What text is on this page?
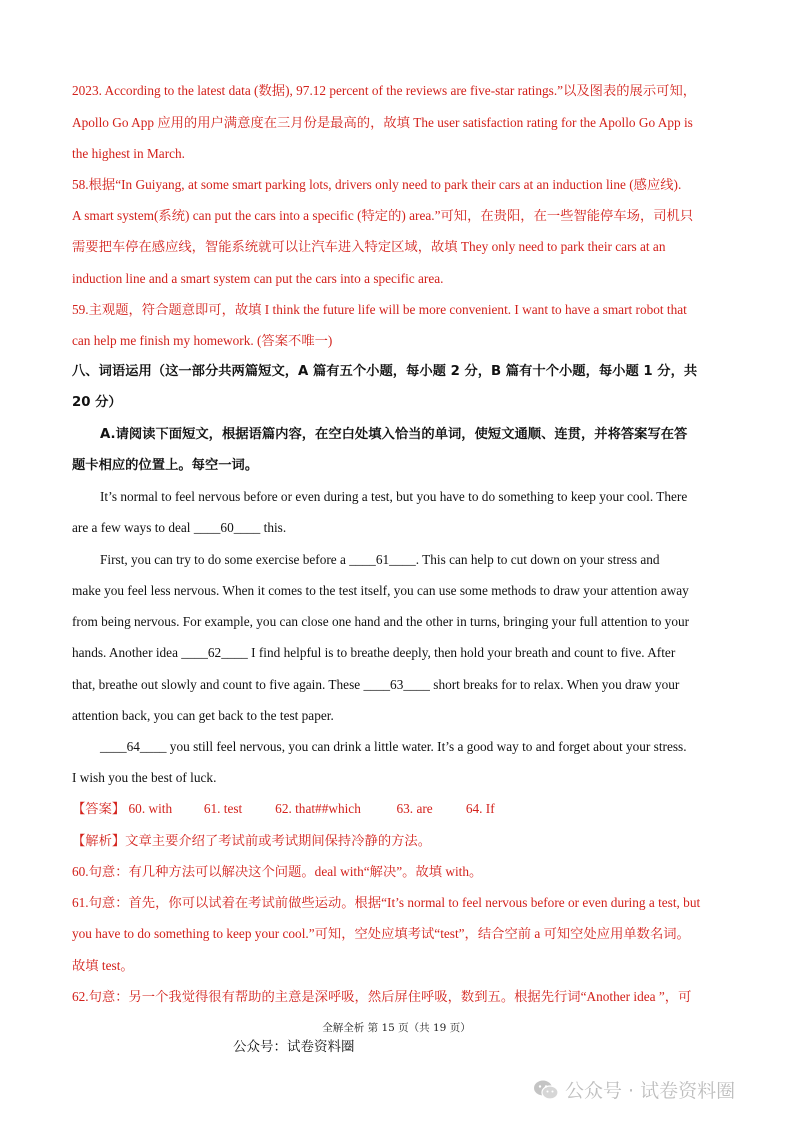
2023. According to the latest data (数据), 97.12 percent of the reviews are five-star ratings.”以及图表的展示可知，
Apollo Go App 应用的用户满意度在三月份是最高的，故填 The user satisfaction rating for the Apollo Go App is
the highest in March.
58.根据“In Guiyang, at some smart parking lots, drivers only need to park their cars at an induction line (感应线).
A smart system(系统) can put the cars into a specific (特定的) area.”可知，在贵阳，在一些智能停车场，司机只
需要把车停在感应线，智能系统就可以让汽车进入特定区域，故填 They only need to park their cars at an
induction line and a smart system can put the cars into a specific area.
59.主观题，符合题意即可，故填 I think the future life will be more convenient. I want to have a smart robot that
can help me finish my homework. (答案不唯一)
八、词语运用（这一部分共两篇短文，A 篇有五个小题，每小题 2 分，B 篇有十个小题，每小题 1 分，共
20 分）
A.请阅读下面短文，根据语篇内容，在空白处填入恰当的单词，使短文通顺、连贯，并将答案写在答
题卡相应的位置上。每空一词。
It’s normal to feel nervous before or even during a test, but you have to do something to keep your cool. There
are a few ways to deal ____60____ this.
First, you can try to do some exercise before a ____61____. This can help to cut down on your stress and
make you feel less nervous. When it comes to the test itself, you can use some methods to draw your attention away
from being nervous. For example, you can close one hand and the other in turns, bringing your full attention to your
hands. Another idea ____62____ I find helpful is to breathe deeply, then hold your breath and count to five. After
that, breathe out slowly and count to five again. These ____63____ short breaks for to relax. When you draw your
attention back, you can get back to the test paper.
____64____ you still feel nervous, you can drink a little water. It’s a good way to and forget about your stress.
I wish you the best of luck.
【答案】 60. with 61. test 62. that##which	63. are 64. If
【解析】文章主要介绍了考试前或考试期间保持冷静的方法。
60.句意：有几种方法可以解决这个问题。deal with“解决”。故填 with。
61.句意：首先，你可以试着在考试前做些运动。根据“It’s normal to feel nervous before or even during a test, but
you have to do something to keep your cool.”可知，空处应填考试“test”，结合空前 a 可知空处应用单数名词。
故填 test。
62.句意：另一个我觉得很有帮助的主意是深呼吸，然后屏住呼吸，数到五。根据先行词“Another idea ”，可
全解全析 第 15 页（共 19 页）
公众号：试卷资料圈
公众号 · 试卷资料圈
